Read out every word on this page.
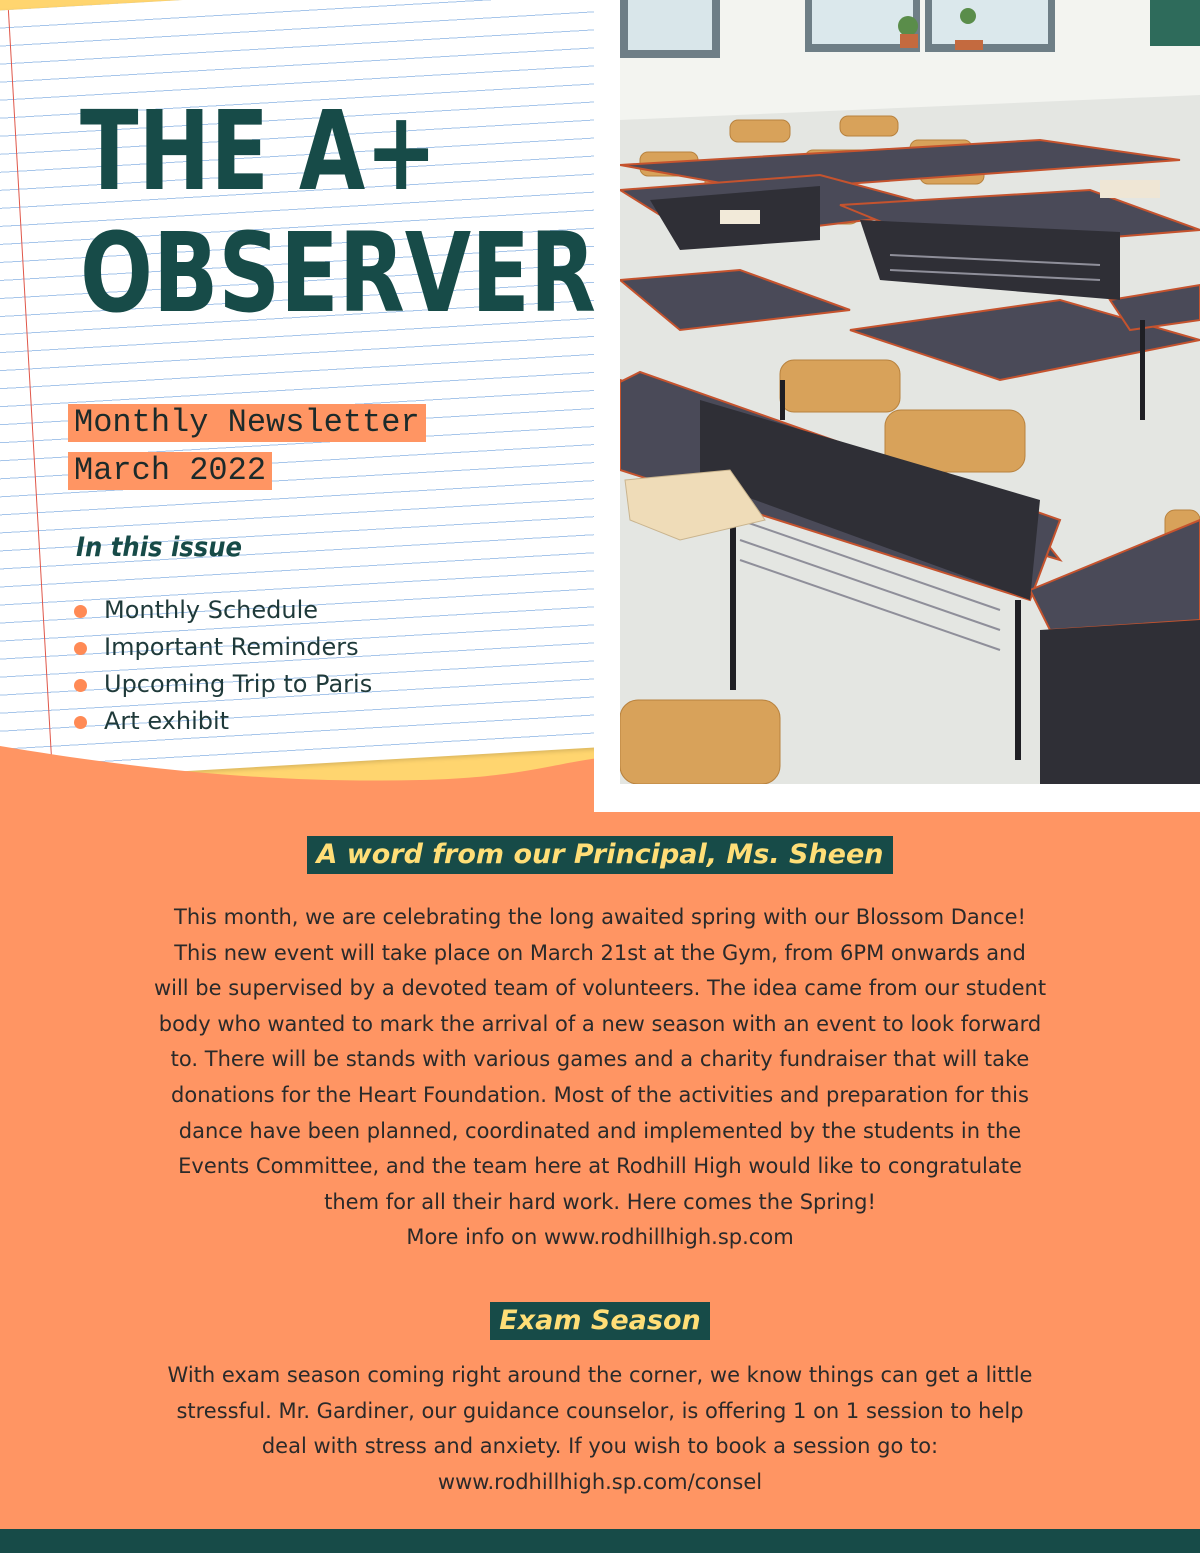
THE A+
OBSERVER
Monthly Newsletter
March 2022
In this issue
Monthly Schedule
Important Reminders
Upcoming Trip to Paris
Art exhibit
A word from our Principal, Ms. Sheen
This month, we are celebrating the long awaited spring with our Blossom Dance!
This new event will take place on March 21st at the Gym, from 6PM onwards and
will be supervised by a devoted team of volunteers. The idea came from our student
body who wanted to mark the arrival of a new season with an event to look forward
to. There will be stands with various games and a charity fundraiser that will take
donations for the Heart Foundation. Most of the activities and preparation for this
dance have been planned, coordinated and implemented by the students in the
Events Committee, and the team here at Rodhill High would like to congratulate
them for all their hard work. Here comes the Spring!
More info on www.rodhillhigh.sp.com
Exam Season
With exam season coming right around the corner, we know things can get a little
stressful. Mr. Gardiner, our guidance counselor, is offering 1 on 1 session to help
deal with stress and anxiety. If you wish to book a session go to:
www.rodhillhigh.sp.com/consel
